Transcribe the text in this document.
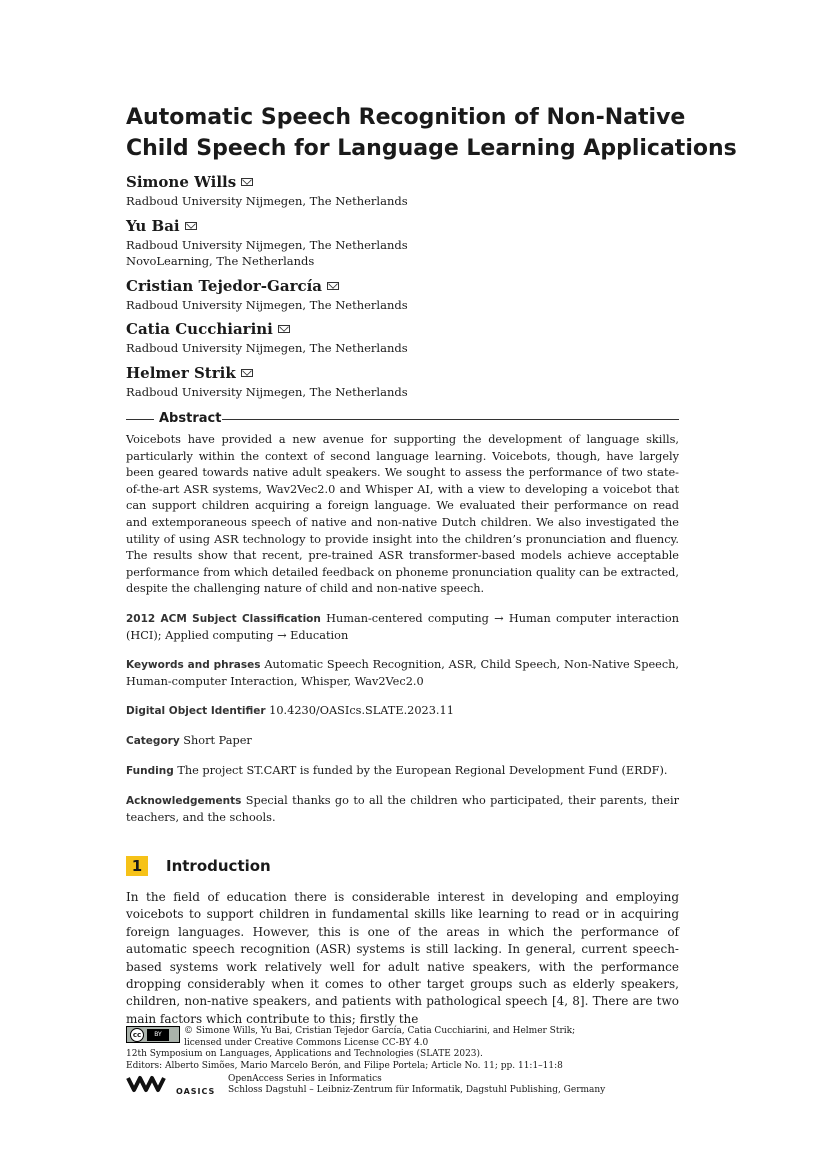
Automatic Speech Recognition of Non-Native
Child Speech for Language Learning Applications
Simone Wills
Radboud University Nijmegen, The Netherlands
Yu Bai
Radboud University Nijmegen, The Netherlands
NovoLearning, The Netherlands
Cristian Tejedor-García
Radboud University Nijmegen, The Netherlands
Catia Cucchiarini
Radboud University Nijmegen, The Netherlands
Helmer Strik
Radboud University Nijmegen, The Netherlands
Abstract
Voicebots have provided a new avenue for supporting the development of language skills, particularly within the context of second language learning. Voicebots, though, have largely been geared towards native adult speakers. We sought to assess the performance of two state-of-the-art ASR systems, Wav2Vec2.0 and Whisper AI, with a view to developing a voicebot that can support children acquiring a foreign language. We evaluated their performance on read and extemporaneous speech of native and non-native Dutch children. We also investigated the utility of using ASR technology to provide insight into the children’s pronunciation and fluency. The results show that recent, pre-trained ASR transformer-based models achieve acceptable performance from which detailed feedback on phoneme pronunciation quality can be extracted, despite the challenging nature of child and non-native speech.
2012 ACM Subject Classification Human-centered computing → Human computer interaction (HCI); Applied computing → Education
Keywords and phrases Automatic Speech Recognition, ASR, Child Speech, Non-Native Speech, Human-computer Interaction, Whisper, Wav2Vec2.0
Digital Object Identifier 10.4230/OASIcs.SLATE.2023.11
Category Short Paper
Funding The project ST.CART is funded by the European Regional Development Fund (ERDF).
Acknowledgements Special thanks go to all the children who participated, their parents, their teachers, and the schools.
1 Introduction
In the field of education there is considerable interest in developing and employing voicebots to support children in fundamental skills like learning to read or in acquiring foreign languages. However, this is one of the areas in which the performance of automatic speech recognition (ASR) systems is still lacking. In general, current speech-based systems work relatively well for adult native speakers, with the performance dropping considerably when it comes to other target groups such as elderly speakers, children, non-native speakers, and patients with pathological speech [4, 8]. There are two main factors which contribute to this; firstly the
cc	BY	© Simone Wills, Yu Bai, Cristian Tejedor García, Catia Cucchiarini, and Helmer Strik;
licensed under Creative Commons License CC-BY 4.0
12th Symposium on Languages, Applications and Technologies (SLATE 2023).
Editors: Alberto Simões, Mario Marcelo Berón, and Filipe Portela; Article No. 11; pp. 11:1–11:8
OASICS
OpenAccess Series in Informatics
Schloss Dagstuhl – Leibniz-Zentrum für Informatik, Dagstuhl Publishing, Germany
